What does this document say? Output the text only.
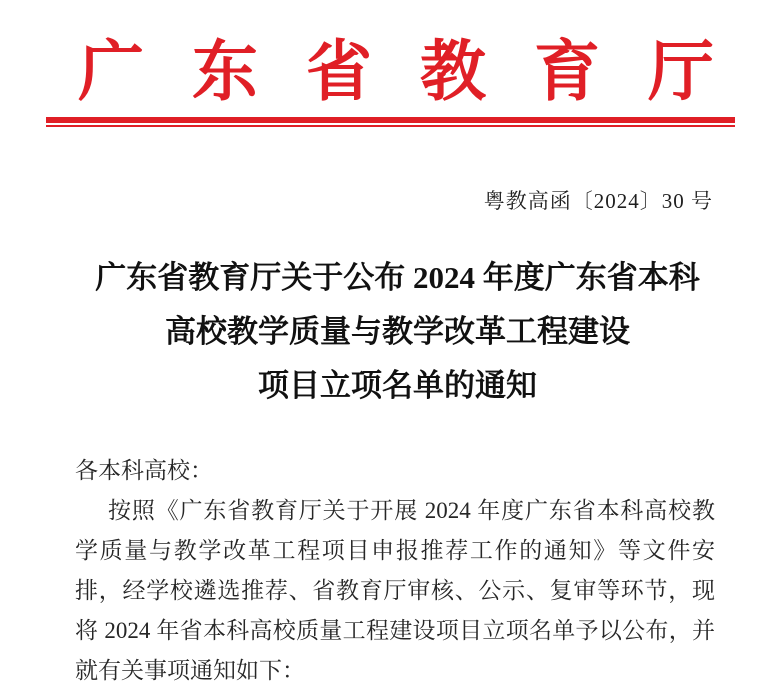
广 东 省 教 育 厅
粤教高函〔2024〕30 号
广东省教育厅关于公布 2024 年度广东省本科
高校教学质量与教学改革工程建设
项目立项名单的通知
各本科高校：
按照《广东省教育厅关于开展 2024 年度广东省本科高校教
学质量与教学改革工程项目申报推荐工作的通知》等文件安
排，经学校遴选推荐、省教育厅审核、公示、复审等环节，现
将 2024 年省本科高校质量工程建设项目立项名单予以公布，并
就有关事项通知如下：
